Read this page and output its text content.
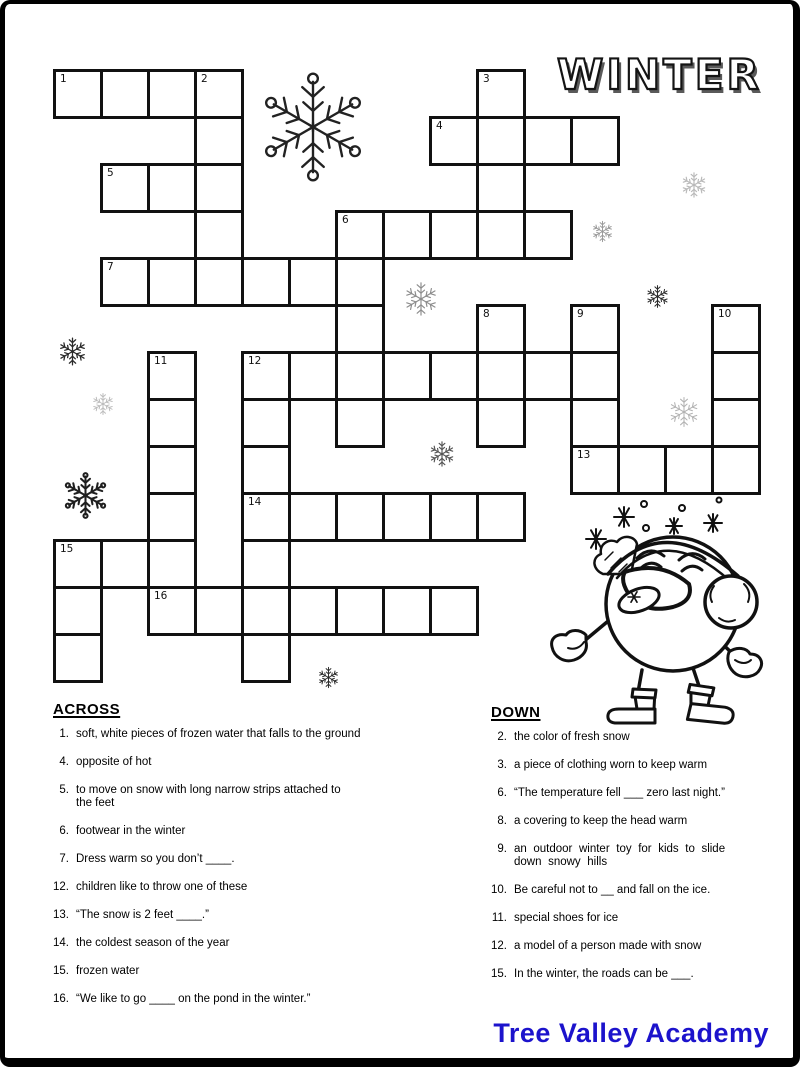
WINTER
1	2	3
4
5
6
7
8	9	10
11	12
13
14
15
16
ACROSS
1. soft, white pieces of frozen water that falls to the ground
4. opposite of hot
5. to move on snow with long narrow strips attached to
the feet
6. footwear in the winter
7. Dress warm so you don’t ____.
12. children like to throw one of these
13. “The snow is 2 feet ____.”
14. the coldest season of the year
15. frozen water
16. “We like to go ____ on the pond in the winter.”
DOWN
2. the color of fresh snow
3. a piece of clothing worn to keep warm
6. “The temperature fell ___ zero last night.”
8. a covering to keep the head warm
9. an outdoor winter toy for kids to slide
down snowy hills
10. Be careful not to __ and fall on the ice.
11. special shoes for ice
12. a model of a person made with snow
15. In the winter, the roads can be ___.
Tree Valley Academy
